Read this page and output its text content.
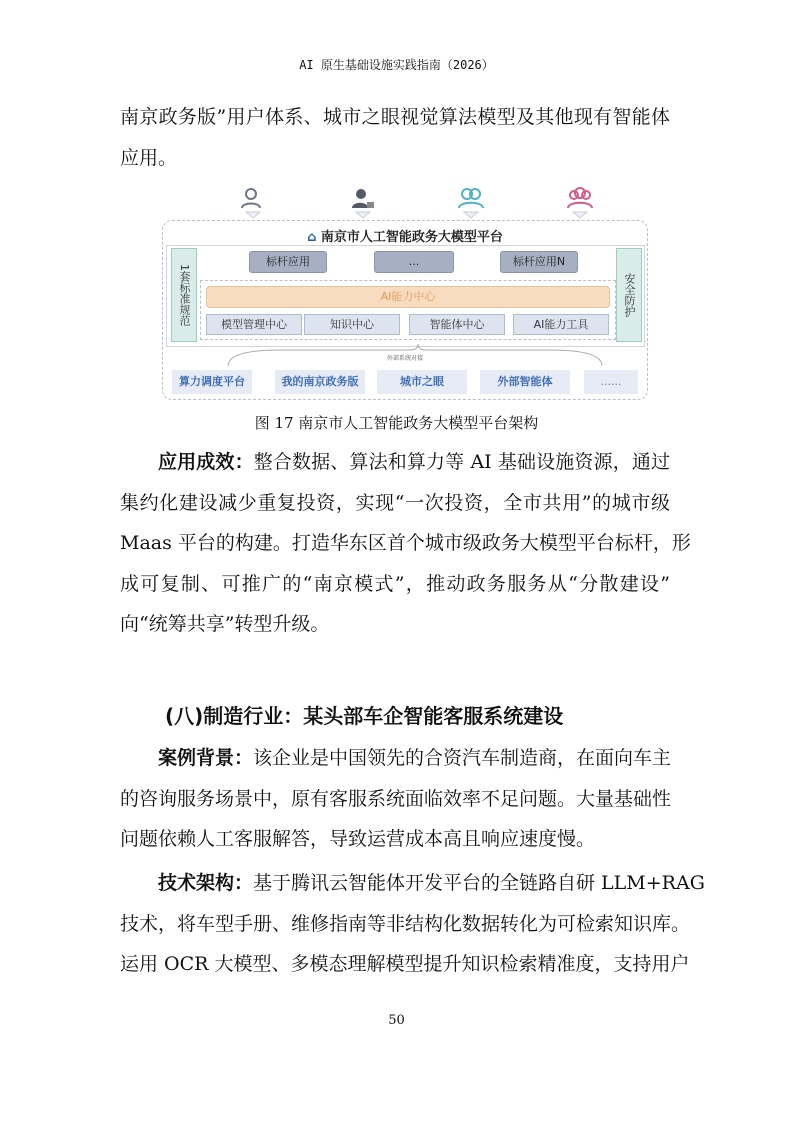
AI 原生基础设施实践指南（2026）
南京政务版”用户体系、城市之眼视觉算法模型及其他现有智能体
应用。
⌂ 南京市人工智能政务大模型平台
1套标准规范	安全防护
标杆应用	...	标杆应用N
AI能力中心
模型管理中心	知识中心	智能体中心	AI能力工具
外部系统对接
算力调度平台	我的南京政务版	城市之眼	外部智能体	......
图 17 南京市人工智能政务大模型平台架构
应用成效：整合数据、算法和算力等 AI 基础设施资源，通过
集约化建设减少重复投资，实现“一次投资，全市共用”的城市级
Maas 平台的构建。打造华东区首个城市级政务大模型平台标杆，形
成可复制、可推广的“南京模式”，推动政务服务从“分散建设”
向“统筹共享”转型升级。
(八)制造行业：某头部车企智能客服系统建设
案例背景：该企业是中国领先的合资汽车制造商，在面向车主
的咨询服务场景中，原有客服系统面临效率不足问题。大量基础性
问题依赖人工客服解答，导致运营成本高且响应速度慢。
技术架构：基于腾讯云智能体开发平台的全链路自研 LLM+RAG
技术，将车型手册、维修指南等非结构化数据转化为可检索知识库。
运用 OCR 大模型、多模态理解模型提升知识检索精准度，支持用户
50
